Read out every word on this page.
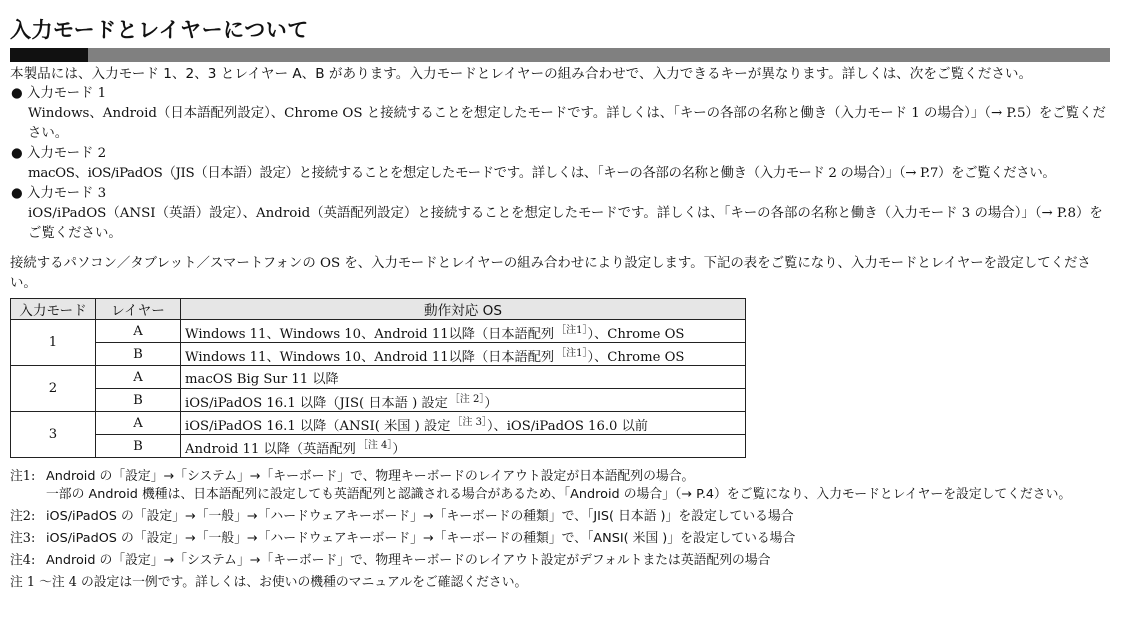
入力モードとレイヤーについて
本製品には、入力モード 1、2、3 とレイヤー A、B があります。入力モードとレイヤーの組み合わせで、入力できるキーが異なります。詳しくは、次をご覧ください。
● 入力モード 1
Windows、Android（日本語配列設定）、Chrome OS と接続することを想定したモードです。詳しくは、「キーの各部の名称と働き（入力モード 1 の場合）」（→ P.5）をご覧ください。
● 入力モード 2
macOS、iOS/iPadOS（JIS（日本語）設定）と接続することを想定したモードです。詳しくは、「キーの各部の名称と働き（入力モード 2 の場合）」（→ P.7）をご覧ください。
● 入力モード 3
iOS/iPadOS（ANSI（英語）設定）、Android（英語配列設定）と接続することを想定したモードです。詳しくは、「キーの各部の名称と働き（入力モード 3 の場合）」（→ P.8）をご覧ください。
接続するパソコン／タブレット／スマートフォンの OS を、入力モードとレイヤーの組み合わせにより設定します。下記の表をご覧になり、入力モードとレイヤーを設定してください。
入力モード	レイヤー	動作対応 OS
1	A	Windows 11、Windows 10、Android 11以降（日本語配列 $^{[注1]}$）、Chrome OS
	B	Windows 11、Windows 10、Android 11以降（日本語配列 $^{[注1]}$）、Chrome OS
2	A	macOS Big Sur 11 以降
	B	iOS/iPadOS 16.1 以降（JIS( 日本語 ) 設定 $^{[注 2]}$）
3	A	iOS/iPadOS 16.1 以降（ANSI( 米国 ) 設定 $^{[注 3]}$）、iOS/iPadOS 16.0 以前
	B	Android 11 以降（英語配列 $^{[注 4]}$）
注1: Android の「設定」→「システム」→「キーボード」で、物理キーボードのレイアウト設定が日本語配列の場合。
一部の Android 機種は、日本語配列に設定しても英語配列と認識される場合があるため、「Android の場合」（→ P.4）をご覧になり、入力モードとレイヤーを設定してください。
注2: iOS/iPadOS の「設定」→「一般」→「ハードウェアキーボード」→「キーボードの種類」で、「JIS( 日本語 )」を設定している場合
注3: iOS/iPadOS の「設定」→「一般」→「ハードウェアキーボード」→「キーボードの種類」で、「ANSI( 米国 )」を設定している場合
注4: Android の「設定」→「システム」→「キーボード」で、物理キーボードのレイアウト設定がデフォルトまたは英語配列の場合
注 1 〜注 4 の設定は一例です。詳しくは、お使いの機種のマニュアルをご確認ください。
